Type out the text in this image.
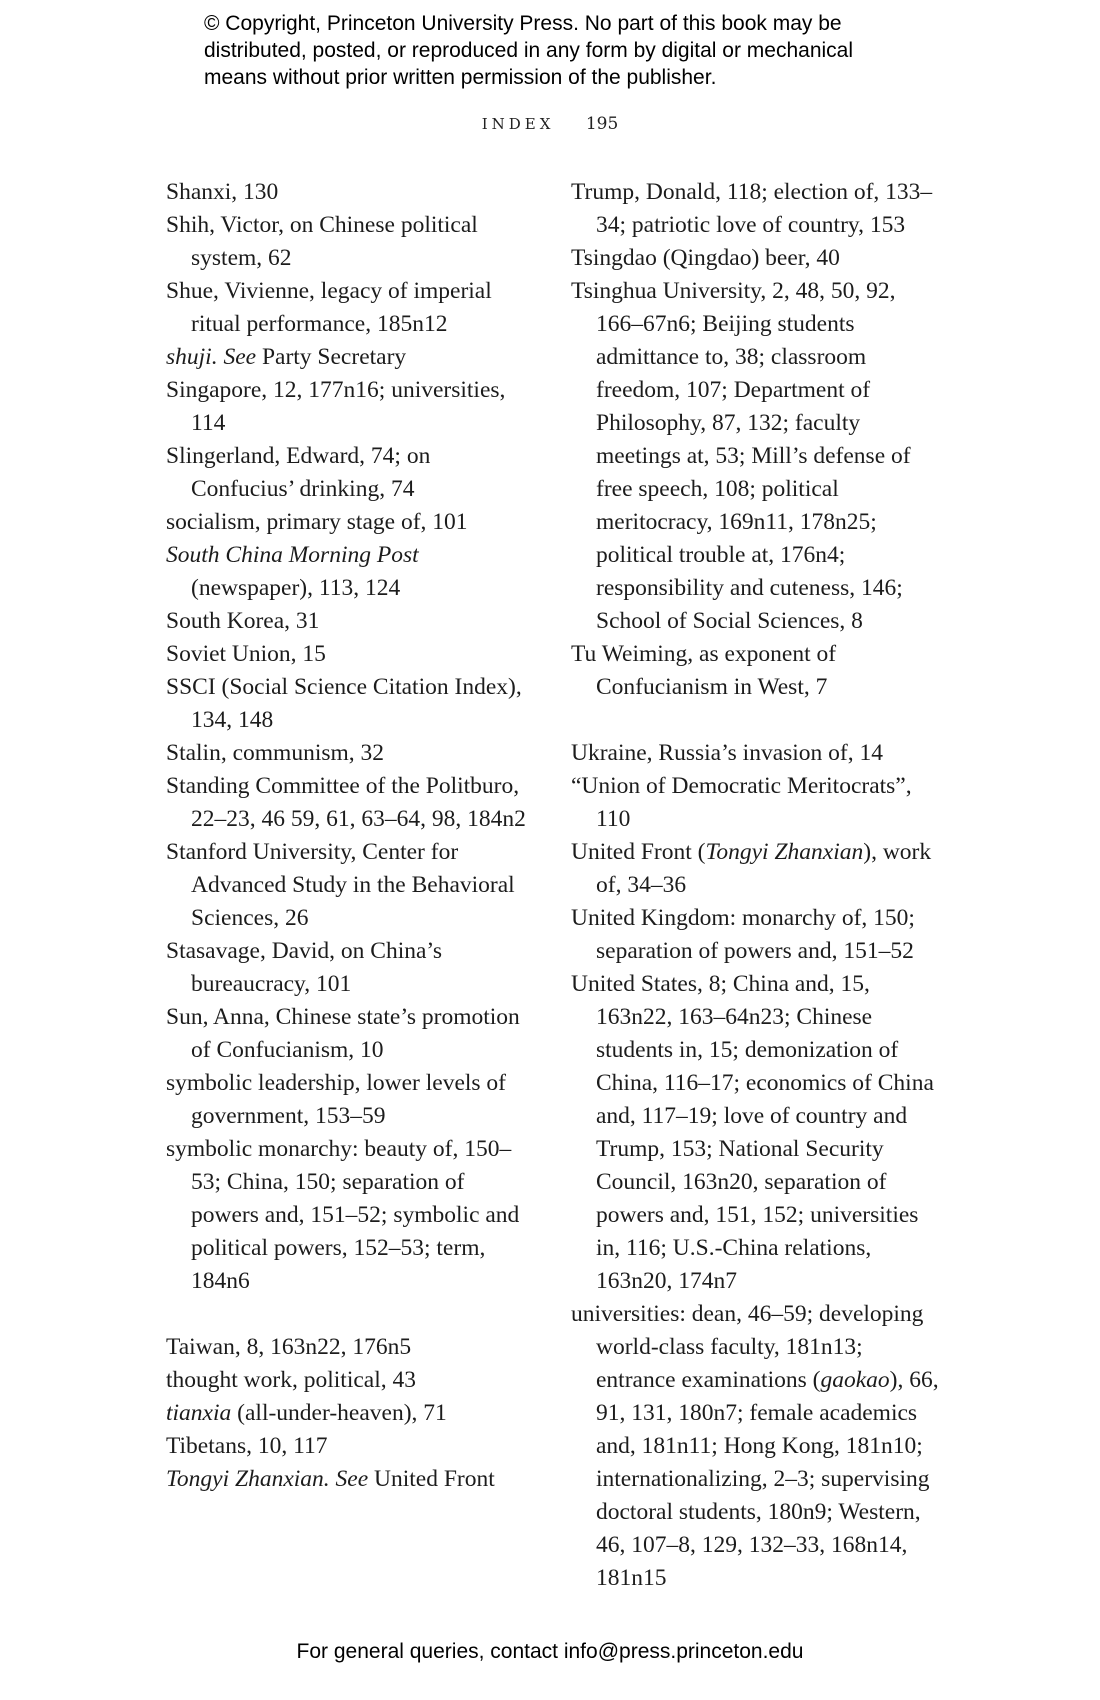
© Copyright, Princeton University Press. No part of this book may be
distributed, posted, or reproduced in any form by digital or mechanical
means without prior written permission of the publisher.
INDEX 195
Shanxi, 130
Shih, Victor, on Chinese political system, 62
Shue, Vivienne, legacy of imperial ritual performance, 185n12
shuji. See Party Secretary
Singapore, 12, 177n16; universities, 114
Slingerland, Edward, 74; on Confucius’ drinking, 74
socialism, primary stage of, 101
South China Morning Post (newspaper), 113, 124
South Korea, 31
Soviet Union, 15
SSCI (Social Science Citation Index), 134, 148
Stalin, communism, 32
Standing Committee of the Politburo, 22–23, 46 59, 61, 63–64, 98, 184n2
Stanford University, Center for Advanced Study in the Behavioral Sciences, 26
Stasavage, David, on China’s bureaucracy, 101
Sun, Anna, Chinese state’s promotion of Confucianism, 10
symbolic leadership, lower levels of government, 153–59
symbolic monarchy: beauty of, 150–53; China, 150; separation of powers and, 151–52; symbolic and political powers, 152–53; term, 184n6
Taiwan, 8, 163n22, 176n5
thought work, political, 43
tianxia (all-under-heaven), 71
Tibetans, 10, 117
Tongyi Zhanxian. See United Front
Trump, Donald, 118; election of, 133–34; patriotic love of country, 153
Tsingdao (Qingdao) beer, 40
Tsinghua University, 2, 48, 50, 92, 166–67n6; Beijing students admittance to, 38; classroom freedom, 107; Department of Philosophy, 87, 132; faculty meetings at, 53; Mill’s defense of free speech, 108; political meritocracy, 169n11, 178n25; political trouble at, 176n4; responsibility and cuteness, 146; School of Social Sciences, 8
Tu Weiming, as exponent of Confucianism in West, 7
Ukraine, Russia’s invasion of, 14
“Union of Democratic Meritocrats”, 110
United Front (Tongyi Zhanxian), work of, 34–36
United Kingdom: monarchy of, 150; separation of powers and, 151–52
United States, 8; China and, 15, 163n22, 163–64n23; Chinese students in, 15; demonization of China, 116–17; economics of China and, 117–19; love of country and Trump, 153; National Security Council, 163n20, separation of powers and, 151, 152; universities in, 116; U.S.-China relations, 163n20, 174n7
universities: dean, 46–59; developing world-class faculty, 181n13; entrance examinations (gaokao), 66, 91, 131, 180n7; female academics and, 181n11; Hong Kong, 181n10; internationalizing, 2–3; supervising doctoral students, 180n9; Western, 46, 107–8, 129, 132–33, 168n14, 181n15
For general queries, contact info@press.princeton.edu
